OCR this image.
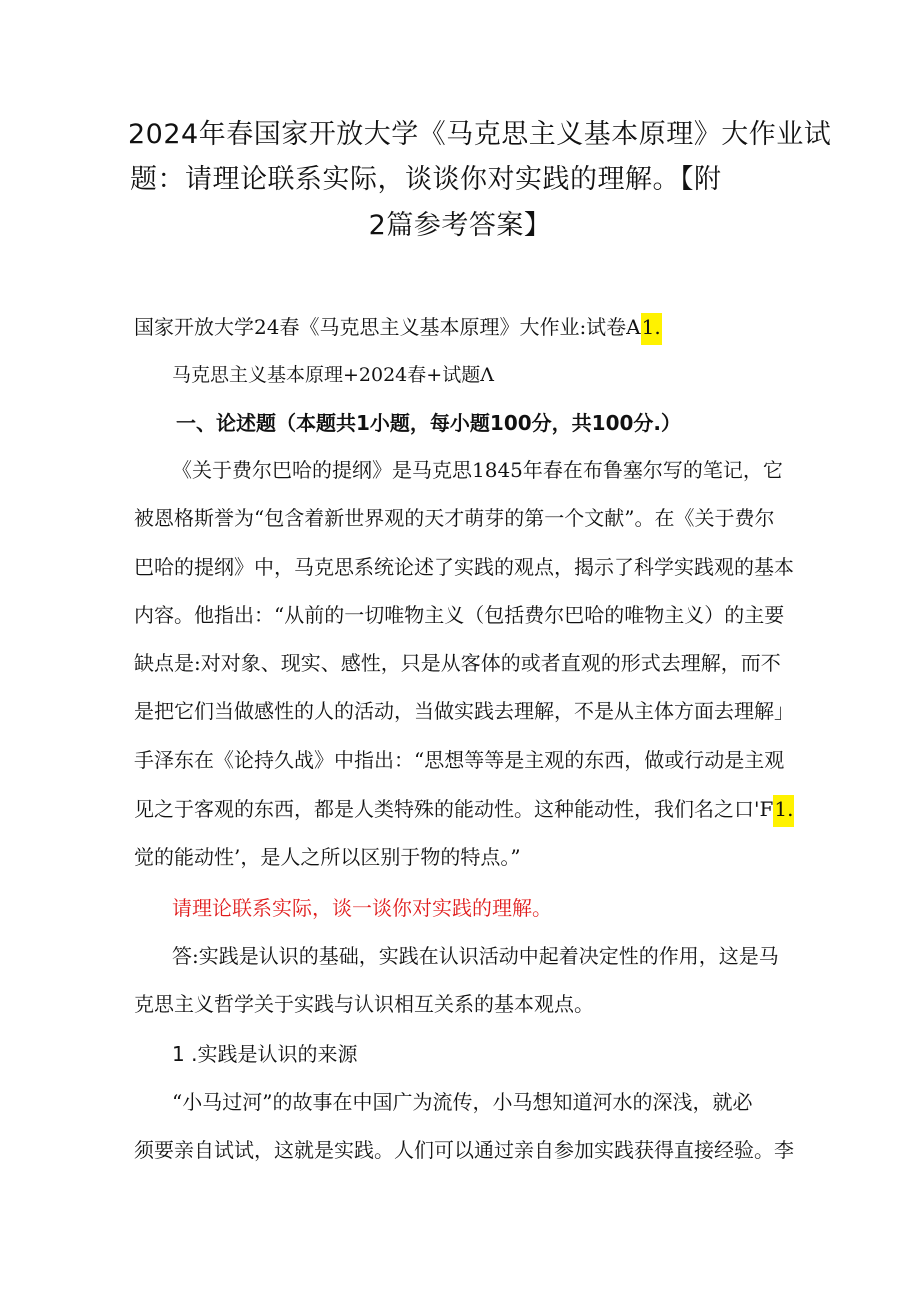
2024年春国家开放大学《马克思主义基本原理》大作业试
题：请理论联系实际，谈谈你对实践的理解。【附
2篇参考答案】
国家开放大学24春《马克思主义基本原理》大作业:试卷A1.
马克思主义基本原理+2024春+试题Λ
一、论述题（本题共1小题，每小题100分，共100分.）
《关于费尔巴哈的提纲》是马克思1845年春在布鲁塞尔写的笔记，它
被恩格斯誉为“包含着新世界观的天才萌芽的第一个文献”。在《关于费尔
巴哈的提纲》中，马克思系统论述了实践的观点，揭示了科学实践观的基本
内容。他指出：“从前的一切唯物主义（包括费尔巴哈的唯物主义）的主要
缺点是:对对象、现实、感性，只是从客体的或者直观的形式去理解，而不
是把它们当做感性的人的活动，当做实践去理解，不是从主体方面去理解」
手泽东在《论持久战》中指出：“思想等等是主观的东西，做或行动是主观
见之于客观的东西，都是人类特殊的能动性。这种能动性，我们名之口'F1.
觉的能动性’，是人之所以区别于物的特点。”
请理论联系实际，谈一谈你对实践的理解。
答:实践是认识的基础，实践在认识活动中起着决定性的作用，这是马
克思主义哲学关于实践与认识相互关系的基本观点。
1 .实践是认识的来源
“小马过河”的故事在中国广为流传，小马想知道河水的深浅，就必
须要亲自试试，这就是实践。人们可以通过亲自参加实践获得直接经验。李
